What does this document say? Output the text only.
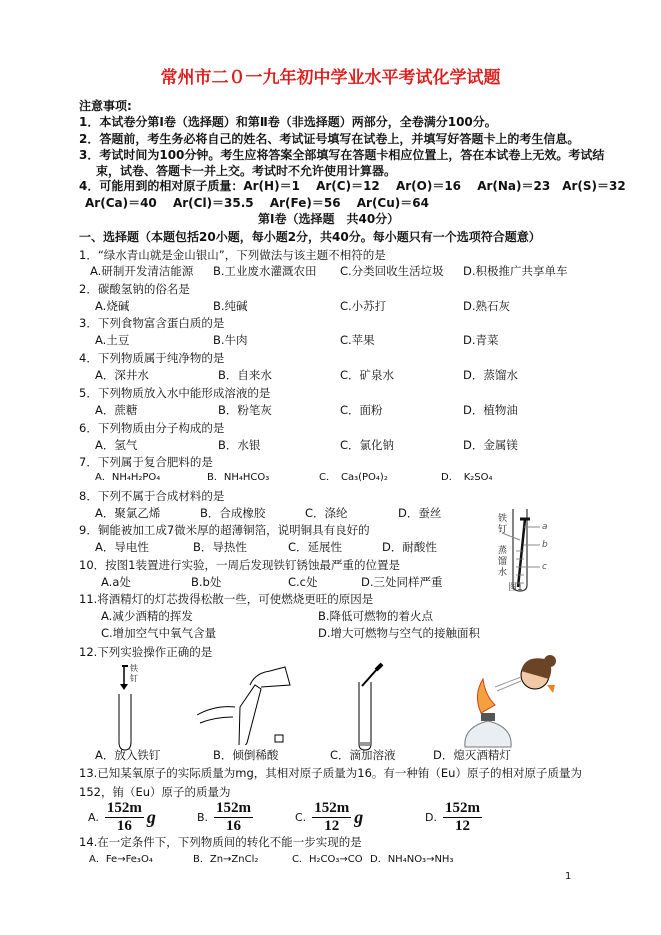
常州市二０一九年初中学业水平考试化学试题
注意事项:
1．本试卷分第Ⅰ卷（选择题）和第Ⅱ卷（非选择题）两部分，全卷满分100分。
2．答题前，考生务必将自己的姓名、考试证号填写在试卷上，并填写好答题卡上的考生信息。
3．考试时间为100分钟。考生应将答案全部填写在答题卡相应位置上，答在本试卷上无效。考试结
束，试卷、答题卡一并上交。考试时不允许使用计算器。
4．可能用到的相对原子质量：Ar(H)＝1　 Ar(C)＝12　 Ar(O)＝16　 Ar(Na)＝23　Ar(S)＝32
Ar(Ca)＝40　 Ar(Cl)＝35.5　 Ar(Fe)＝56　 Ar(Cu)＝64
第Ⅰ卷（选择题　共40分）
一、选择题（本题包括20小题，每小题2分，共40分。每小题只有一个选项符合题意）
1．“绿水青山就是金山银山”，下列做法与该主题不相符的是
A.研制开发清洁能源 B.工业废水灌溉农田 C.分类回收生活垃圾 D.积极推广共享单车
2．碳酸氢钠的俗名是
A.烧碱	B.纯碱	C.小苏打	D.熟石灰
3．下列食物富含蛋白质的是
A.土豆	B.牛肉	C.苹果	D.青菜
4．下列物质属于纯净物的是
A．深井水	B．自来水	C．矿泉水	D．蒸馏水
5．下列物质放入水中能形成溶液的是
A．蔗糖	B．粉笔灰	C．面粉	D．植物油
6．下列物质由分子构成的是
A．氢气	B．水银	C．氯化钠	D．金属镁
7．下列属于复合肥料的是
A．NH₄H₂PO₄	B．NH₄HCO₃	C．　Ca₃(PO₄)₂	D．　K₂SO₄
8．下列不属于合成材料的是
A．聚氯乙烯	B．合成橡胶	C．涤纶	D．蚕丝
9．铜能被加工成7微米厚的超薄铜箔，说明铜具有良好的
A．导电性	B．导热性	C．延展性	D．耐酸性
10．按图1装置进行实验，一周后发现铁钉锈蚀最严重的位置是
A.a处	B.b处	C.c处	D.三处同样严重
11.将酒精灯的灯芯拨得松散一些，可使燃烧更旺的原因是
A.减少酒精的挥发	B.降低可燃物的着火点
C.增加空气中氧气含量	D.增大可燃物与空气的接触面积
铁钉
蒸馏水
a
b
c
图1
12.下列实验操作正确的是
铁钉
A．放入铁钉	B．倾倒稀酸	C．滴加溶液	D．熄灭酒精灯
13.已知某氧原子的实际质量为mg，其相对原子质量为16。有一种铕（Eu）原子的相对原子质量为
152，铕（Eu）原子的质量为
A. $\frac{152m}{16}$ g	B. $\frac{152m}{16}$	C. $\frac{152m}{12}$ g	D. $\frac{152m}{12}$
14.在一定条件下，下列物质间的转化不能一步实现的是
A．Fe→Fe₃O₄	B．Zn→ZnCl₂	C．H₂CO₃→CO D．NH₄NO₃→NH₃
1
